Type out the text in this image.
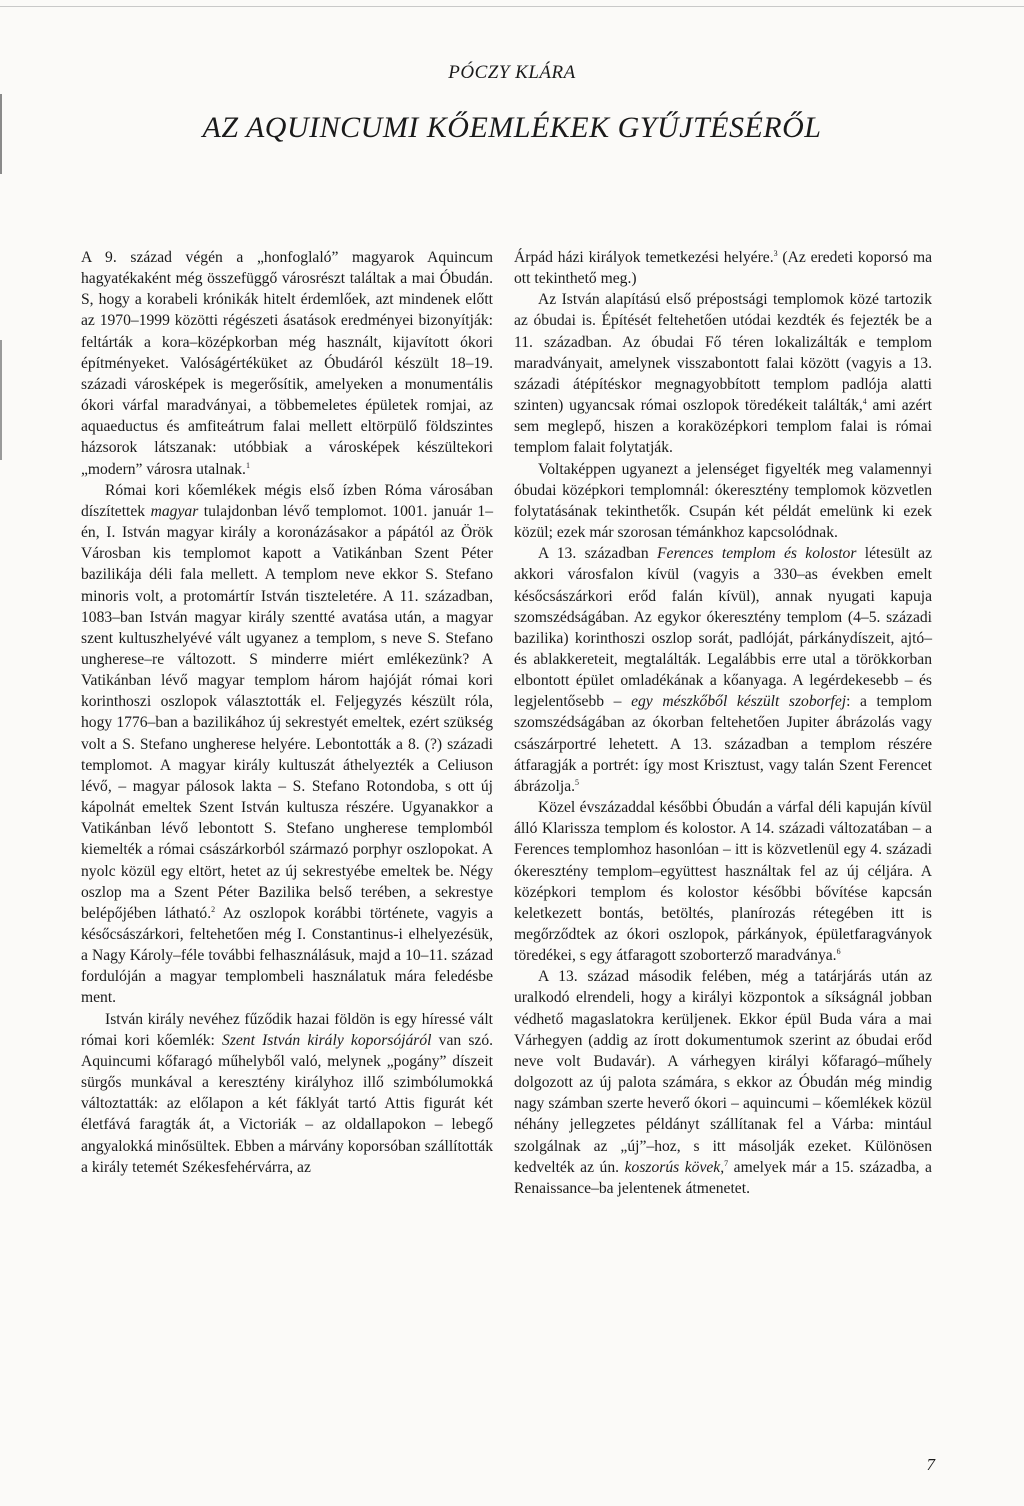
PÓCZY KLÁRA
AZ AQUINCUMI KŐEMLÉKEK GYŰJTÉSÉRŐL

A 9. század végén a „honfoglaló” magyarok Aquincum hagyatékaként még összefüggő városrészt találtak a mai Óbudán. S, hogy a korabeli krónikák hitelt érdemlőek, azt mindenek előtt az 1970–1999 közötti régészeti ásatások eredményei bizonyítják: feltárták a kora–középkorban még használt, kijavított ókori építményeket. Valóságértéküket az Óbudáról készült 18–19. századi városképek is megerősítik, amelyeken a monumentális ókori várfal maradványai, a többemeletes épületek romjai, az aquaeductus és amfiteátrum falai mellett eltörpülő földszintes házsorok látszanak: utóbbiak a városképek készültekori „modern” városra utalnak.$^1$

Római kori kőemlékek mégis első ízben Róma városában díszítettek magyar tulajdonban lévő templomot. 1001. január 1–én, I. István magyar király a koronázásakor a pápától az Örök Városban kis templomot kapott a Vatikánban Szent Péter bazilikája déli fala mellett. A templom neve ekkor S. Stefano minoris volt, a protomártír István tiszteletére. A 11. században, 1083–ban István magyar király szentté avatása után, a magyar szent kultuszhelyévé vált ugyanez a templom, s neve S. Stefano ungherese–re változott. S minderre miért emlékezünk? A Vatikánban lévő magyar templom három hajóját római kori korinthoszi oszlopok választották el. Feljegyzés készült róla, hogy 1776–ban a bazilikához új sekrestyét emeltek, ezért szükség volt a S. Stefano ungherese helyére. Lebontották a 8. (?) századi templomot. A magyar király kultuszát áthelyezték a Celiuson lévő, – magyar pálosok lakta – S. Stefano Rotondoba, s ott új kápolnát emeltek Szent István kultusza részére. Ugyanakkor a Vatikánban lévő lebontott S. Stefano ungherese templomból kiemelték a római császárkorból származó porphyr oszlopokat. A nyolc közül egy eltört, hetet az új sekrestyébe emeltek be. Négy oszlop ma a Szent Péter Bazilika belső terében, a sekrestye belépőjében látható.$^2$ Az oszlopok korábbi története, vagyis a későcsászárkori, feltehetően még I. Constantinus-i elhelyezésük, a Nagy Károly–féle további felhasználásuk, majd a 10–11. század fordulóján a magyar templombeli használatuk mára feledésbe ment.

István király nevéhez fűződik hazai földön is egy híressé vált római kori kőemlék: Szent István király koporsójáról van szó. Aquincumi kőfaragó műhelyből való, melynek „pogány” díszeit sürgős munkával a keresztény királyhoz illő szimbólumokká változtatták: az előlapon a két fáklyát tartó Attis figurát két életfává faragták át, a Victoriák – az oldallapokon – lebegő angyalokká minősültek. Ebben a márvány koporsóban szállították a király tetemét Székesfehérvárra, az

Árpád házi királyok temetkezési helyére.$^3$ (Az eredeti koporsó ma ott tekinthető meg.)

Az István alapítású első prépostsági templomok közé tartozik az óbudai is. Építését feltehetően utódai kezdték és fejezték be a 11. században. Az óbudai Fő téren lokalizálták e templom maradványait, amelynek visszabontott falai között (vagyis a 13. századi átépítéskor megnagyobbított templom padlója alatti szinten) ugyancsak római oszlopok töredékeit találták,$^4$ ami azért sem meglepő, hiszen a koraközépkori templom falai is római templom falait folytatják.

Voltaképpen ugyanezt a jelenséget figyelték meg valamennyi óbudai középkori templomnál: ókeresztény templomok közvetlen folytatásának tekinthetők. Csupán két példát emelünk ki ezek közül; ezek már szorosan témánkhoz kapcsolódnak.

A 13. században Ferences templom és kolostor létesült az akkori városfalon kívül (vagyis a 330–as években emelt későcsászárkori erőd falán kívül), annak nyugati kapuja szomszédságában. Az egykor ókeresztény templom (4–5. századi bazilika) korinthoszi oszlop sorát, padlóját, párkánydíszeit, ajtó– és ablakkereteit, megtalálták. Legalábbis erre utal a törökkorban elbontott épület omladékának a kőanyaga. A legérdekesebb – és legjelentősebb – egy mészkőből készült szoborfej: a templom szomszédságában az ókorban feltehetően Jupiter ábrázolás vagy császárportré lehetett. A 13. században a templom részére átfaragják a portrét: így most Krisztust, vagy talán Szent Ferencet ábrázolja.$^5$

Közel évszázaddal későbbi Óbudán a várfal déli kapuján kívül álló Klarissza templom és kolostor. A 14. századi változatában – a Ferences templomhoz hasonlóan – itt is közvetlenül egy 4. századi ókeresztény templom–együttest használtak fel az új céljára. A középkori templom és kolostor későbbi bővítése kapcsán keletkezett bontás, betöltés, planírozás rétegében itt is megőrződtek az ókori oszlopok, párkányok, épületfaragványok töredékei, s egy átfaragott szoborterző maradványa.$^6$

A 13. század második felében, még a tatárjárás után az uralkodó elrendeli, hogy a királyi központok a síkságnál jobban védhető magaslatokra kerüljenek. Ekkor épül Buda vára a mai Várhegyen (addig az írott dokumentumok szerint az óbudai erőd neve volt Budavár). A várhegyen királyi kőfaragó–műhely dolgozott az új palota számára, s ekkor az Óbudán még mindig nagy számban szerte heverő ókori – aquincumi – kőemlékek közül néhány jellegzetes példányt szállítanak fel a Várba: mintául szolgálnak az „új”–hoz, s itt másolják ezeket. Különösen kedvelték az ún. koszorús kövek,$^7$ amelyek már a 15. századba, a Renaissance–ba jelentenek átmenetet.

7
